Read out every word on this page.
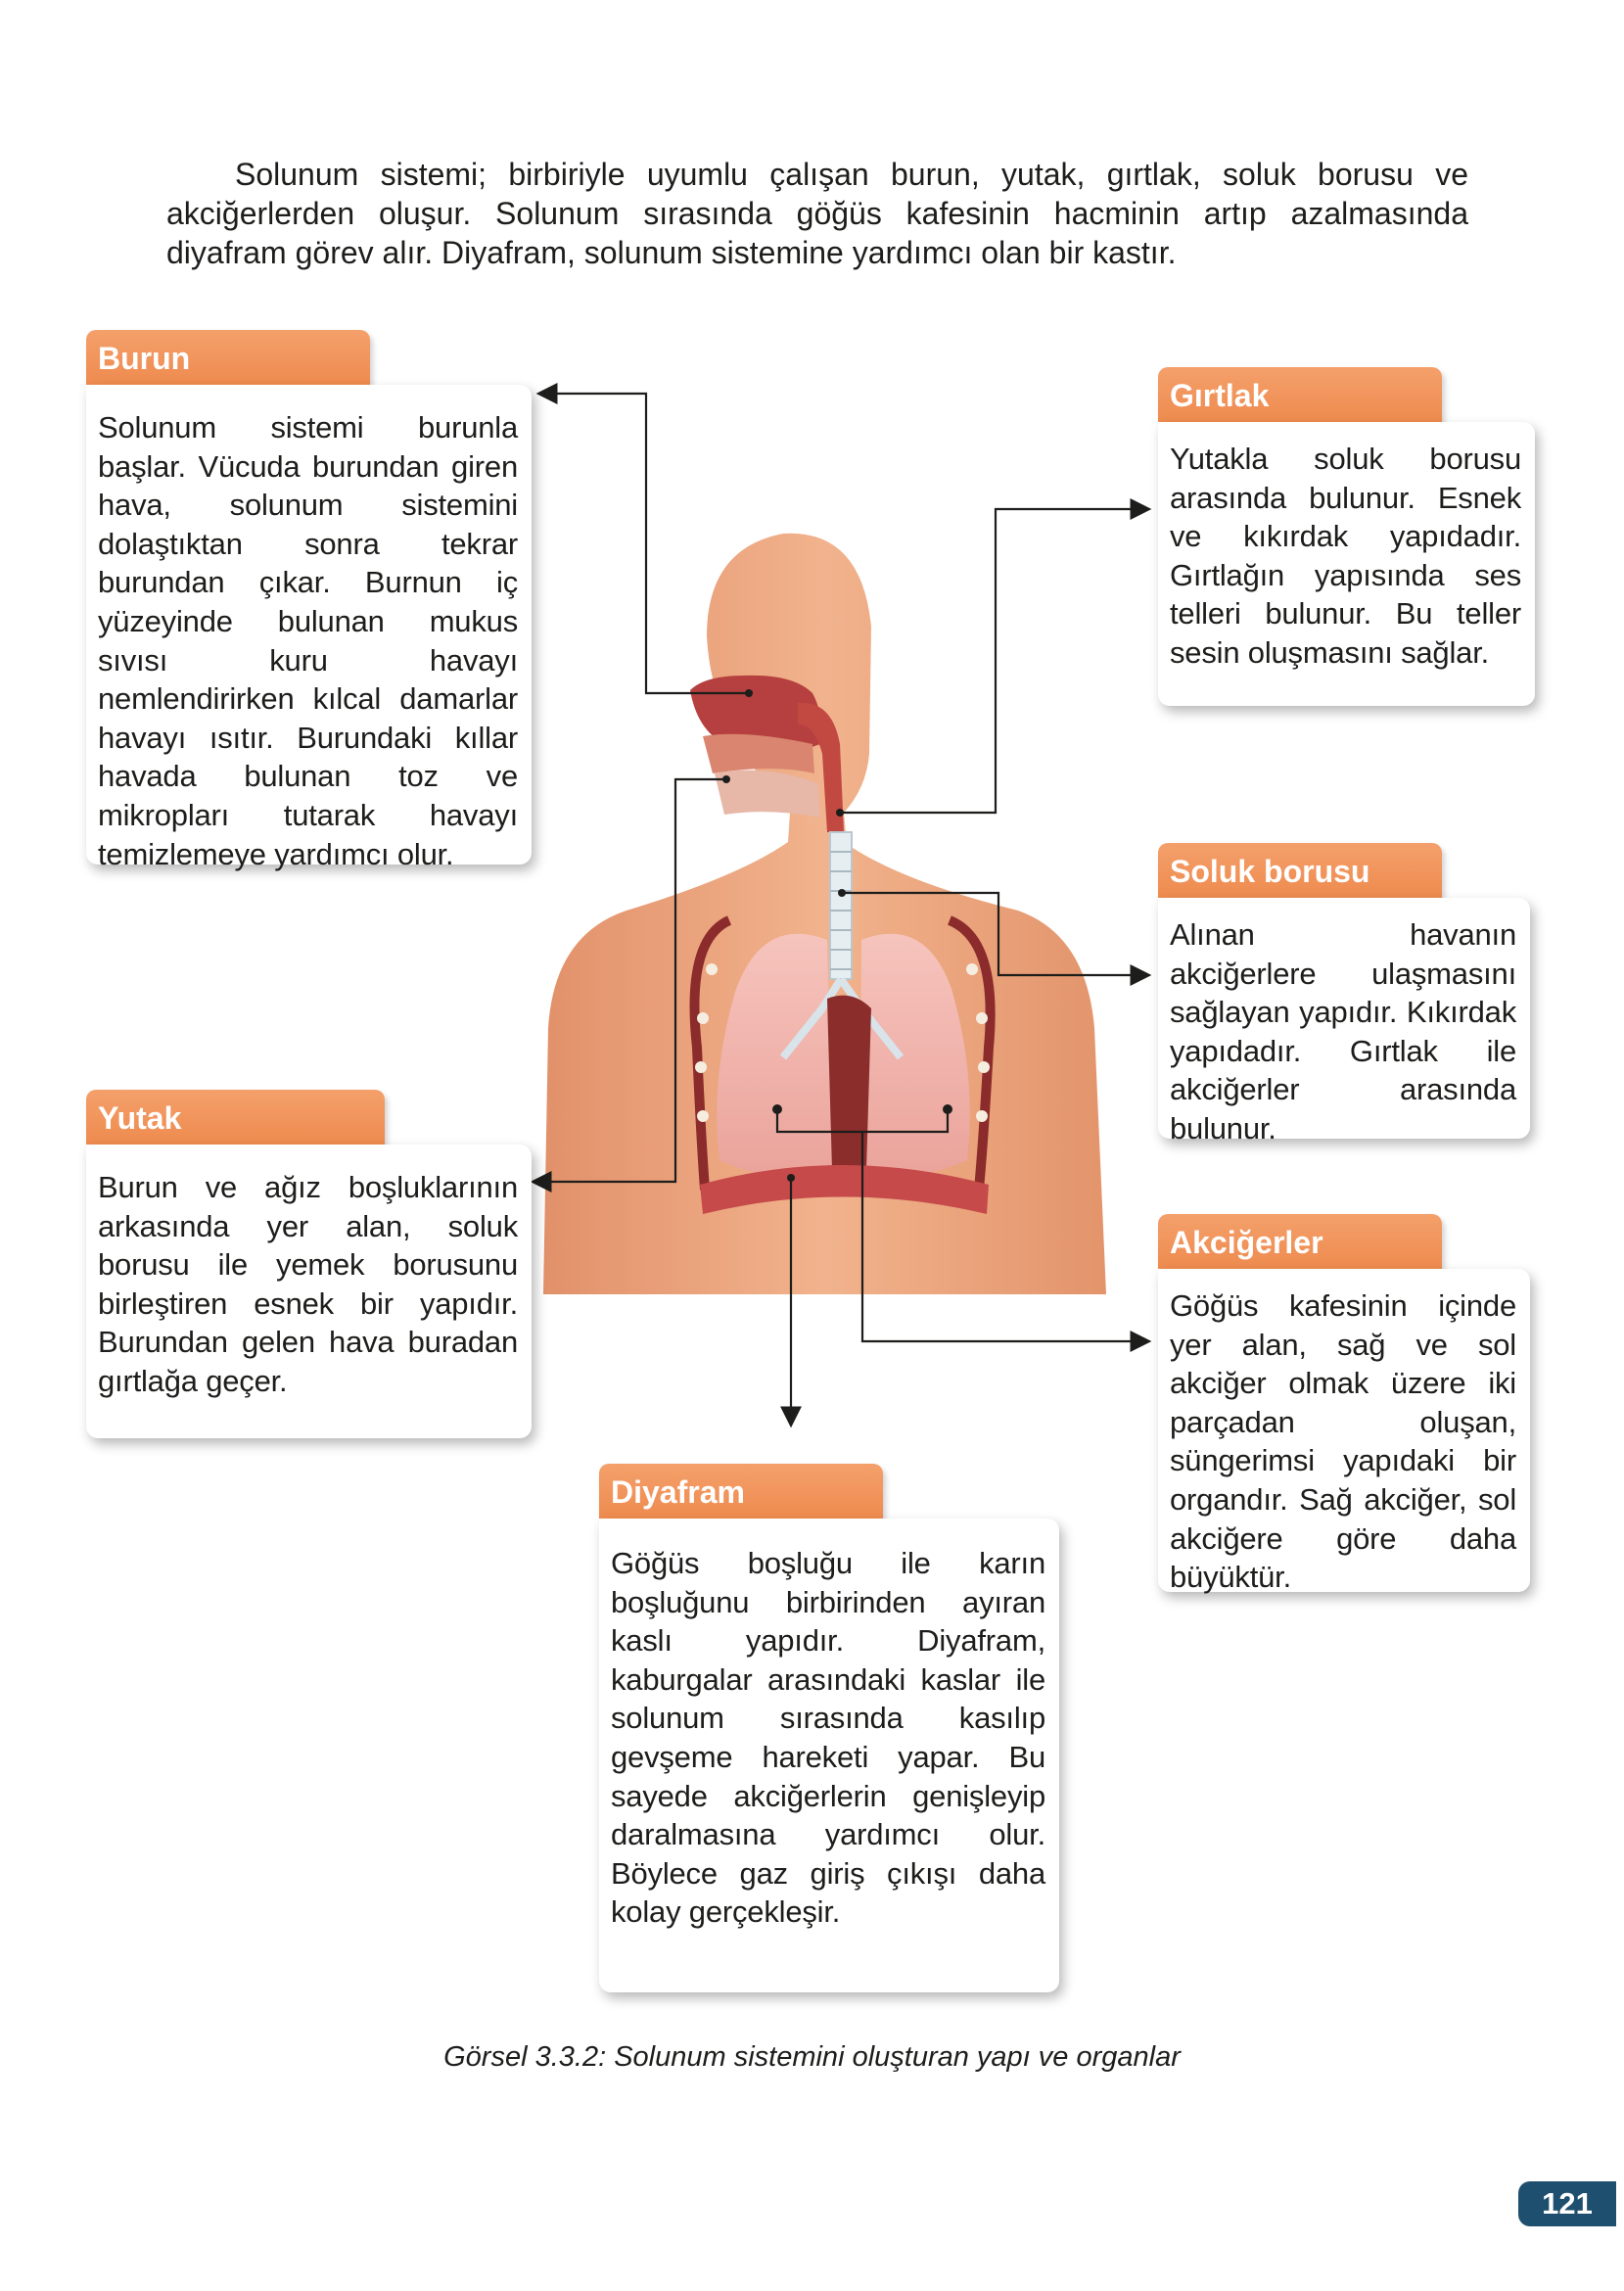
Solunum sistemi; birbiriyle uyumlu çalışan burun, yutak, gırtlak, soluk borusu ve akciğerlerden oluşur. Solunum sırasında göğüs kafesinin hacminin artıp azalmasında diyafram görev alır. Diyafram, solunum sistemine yardımcı olan bir kastır.

Burun

Solunum sistemi burunla başlar. Vücuda burundan giren hava, solunum sistemini dolaştıktan sonra tekrar burundan çıkar. Burnun iç yüzeyinde bulunan mukus sıvısı kuru havayı nemlendirirken kılcal damarlar havayı ısıtır. Burundaki kıllar havada bulunan toz ve mikropları tutarak havayı temizlemeye yardımcı olur.

Yutak

Burun ve ağız boşluklarının arkasında yer alan, soluk borusu ile yemek borusunu birleştiren esnek bir yapıdır. Burundan gelen hava buradan gırtlağa geçer.

Gırtlak

Yutakla soluk borusu arasında bulunur. Esnek ve kıkırdak yapıdadır. Gırtlağın yapısında ses telleri bulunur. Bu teller sesin oluşmasını sağlar.

Soluk borusu

Alınan havanın akciğerlere ulaşmasını sağlayan yapıdır. Kıkırdak yapıdadır. Gırtlak ile akciğerler arasında bulunur.

Akciğerler

Göğüs kafesinin içinde yer alan, sağ ve sol akciğer olmak üzere iki parçadan oluşan, süngerimsi yapıdaki bir organdır. Sağ akciğer, sol akciğere göre daha büyüktür.

Diyafram

Göğüs boşluğu ile karın boşluğunu birbirinden ayıran kaslı yapıdır. Diyafram, kaburgalar arasındaki kaslar ile solunum sırasında kasılıp gevşeme hareketi yapar. Bu sayede akciğerlerin genişleyip daralmasına yardımcı olur. Böylece gaz giriş çıkışı daha kolay gerçekleşir.

Görsel 3.3.2: Solunum sistemini oluşturan yapı ve organlar
121
